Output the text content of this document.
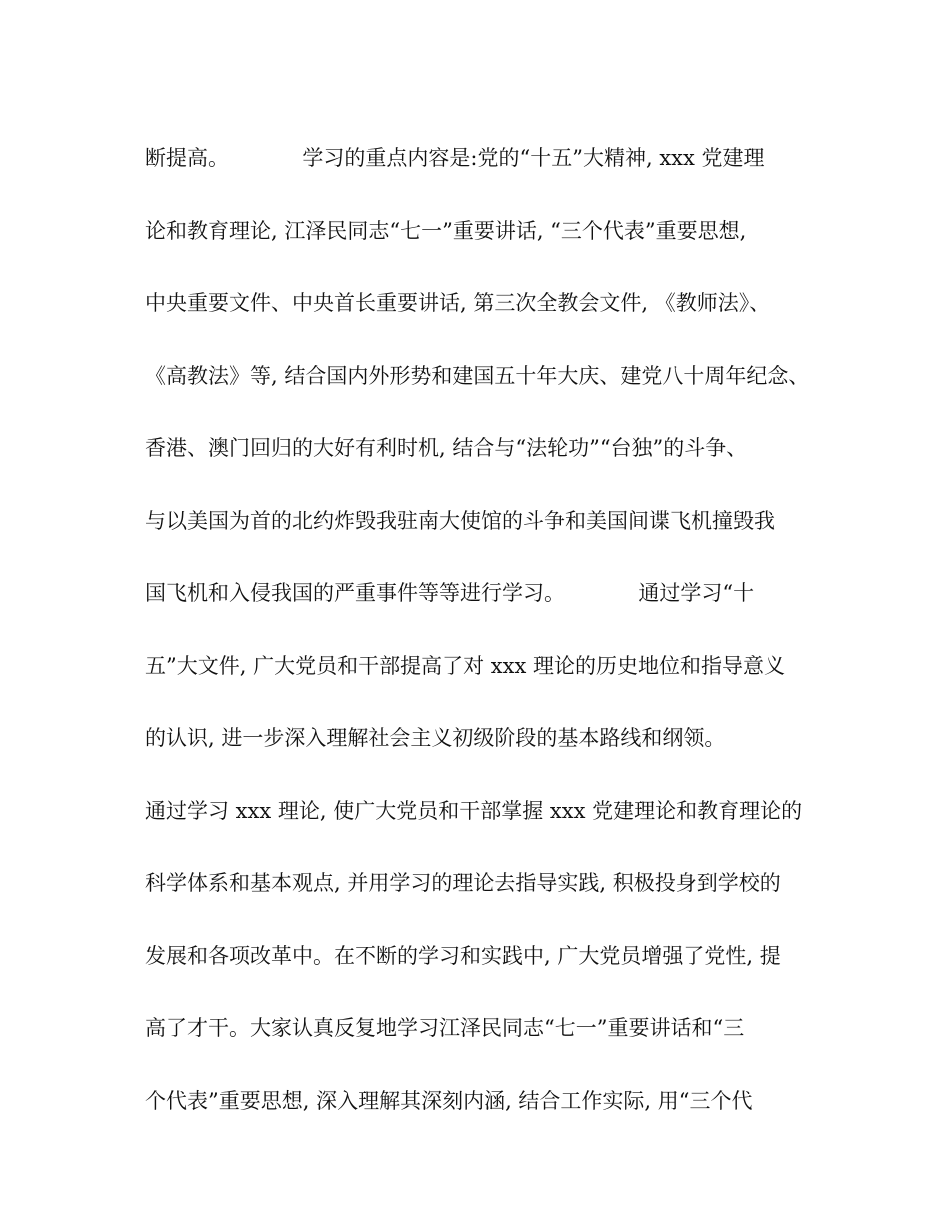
断提高。           学习的重点内容是:党的“十五”大精神, xxx 党建理
论和教育理论, 江泽民同志“七一”重要讲话, “三个代表”重要思想,
中央重要文件、中央首长重要讲话, 第三次全教会文件, 《教师法》、
《高教法》等, 结合国内外形势和建国五十年大庆、建党八十周年纪念、
香港、澳门回归的大好有利时机, 结合与“法轮功”“台独”的斗争、
与以美国为首的北约炸毁我驻南大使馆的斗争和美国间谍飞机撞毁我
国飞机和入侵我国的严重事件等等进行学习。           通过学习“十
五”大文件, 广大党员和干部提高了对 xxx 理论的历史地位和指导意义
的认识, 进一步深入理解社会主义初级阶段的基本路线和纲领。
通过学习 xxx 理论, 使广大党员和干部掌握 xxx 党建理论和教育理论的
科学体系和基本观点, 并用学习的理论去指导实践, 积极投身到学校的
发展和各项改革中。在不断的学习和实践中, 广大党员增强了党性, 提
高了才干。大家认真反复地学习江泽民同志“七一”重要讲话和“三
个代表”重要思想, 深入理解其深刻内涵, 结合工作实际, 用“三个代
